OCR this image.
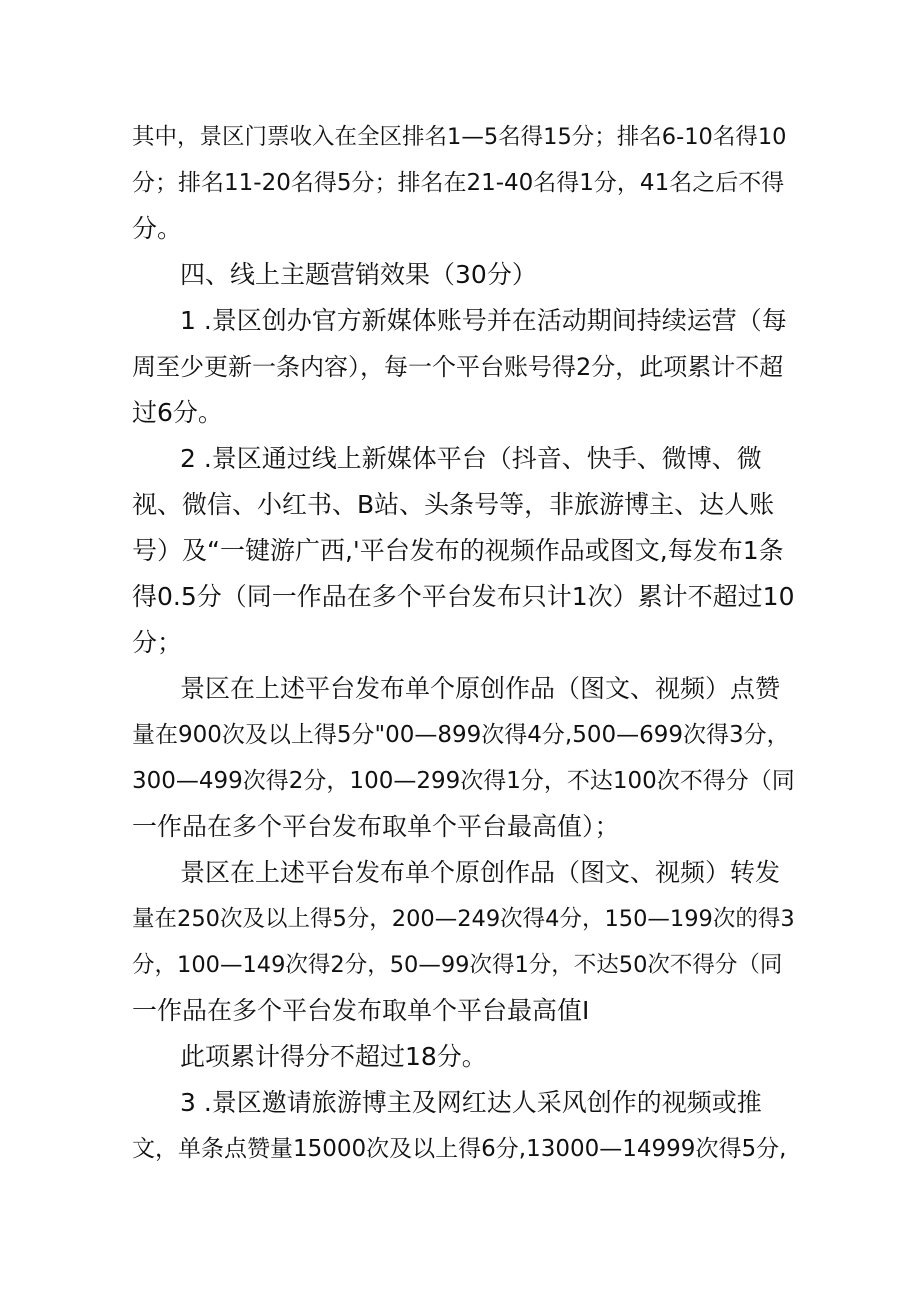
其中，景区门票收入在全区排名1—5名得15分；排名6-10名得10
分；排名11-20名得5分；排名在21-40名得1分，41名之后不得
分。
四、线上主题营销效果（30分）
1 .景区创办官方新媒体账号并在活动期间持续运营（每
周至少更新一条内容），每一个平台账号得2分，此项累计不超
过6分。
2 .景区通过线上新媒体平台（抖音、快手、微博、微
视、微信、小红书、B站、头条号等，非旅游博主、达人账
号）及“一键游广西,'平台发布的视频作品或图文,每发布1条
得0.5分（同一作品在多个平台发布只计1次）累计不超过10
分；
景区在上述平台发布单个原创作品（图文、视频）点赞
量在900次及以上得5分"00—899次得4分,500—699次得3分，
300—499次得2分，100—299次得1分，不达100次不得分（同
一作品在多个平台发布取单个平台最高值）；
景区在上述平台发布单个原创作品（图文、视频）转发
量在250次及以上得5分，200—249次得4分，150—199次的得3
分，100—149次得2分，50—99次得1分，不达50次不得分（同
一作品在多个平台发布取单个平台最高值I
此项累计得分不超过18分。
3 .景区邀请旅游博主及网红达人采风创作的视频或推
文，单条点赞量15000次及以上得6分,13000—14999次得5分,
